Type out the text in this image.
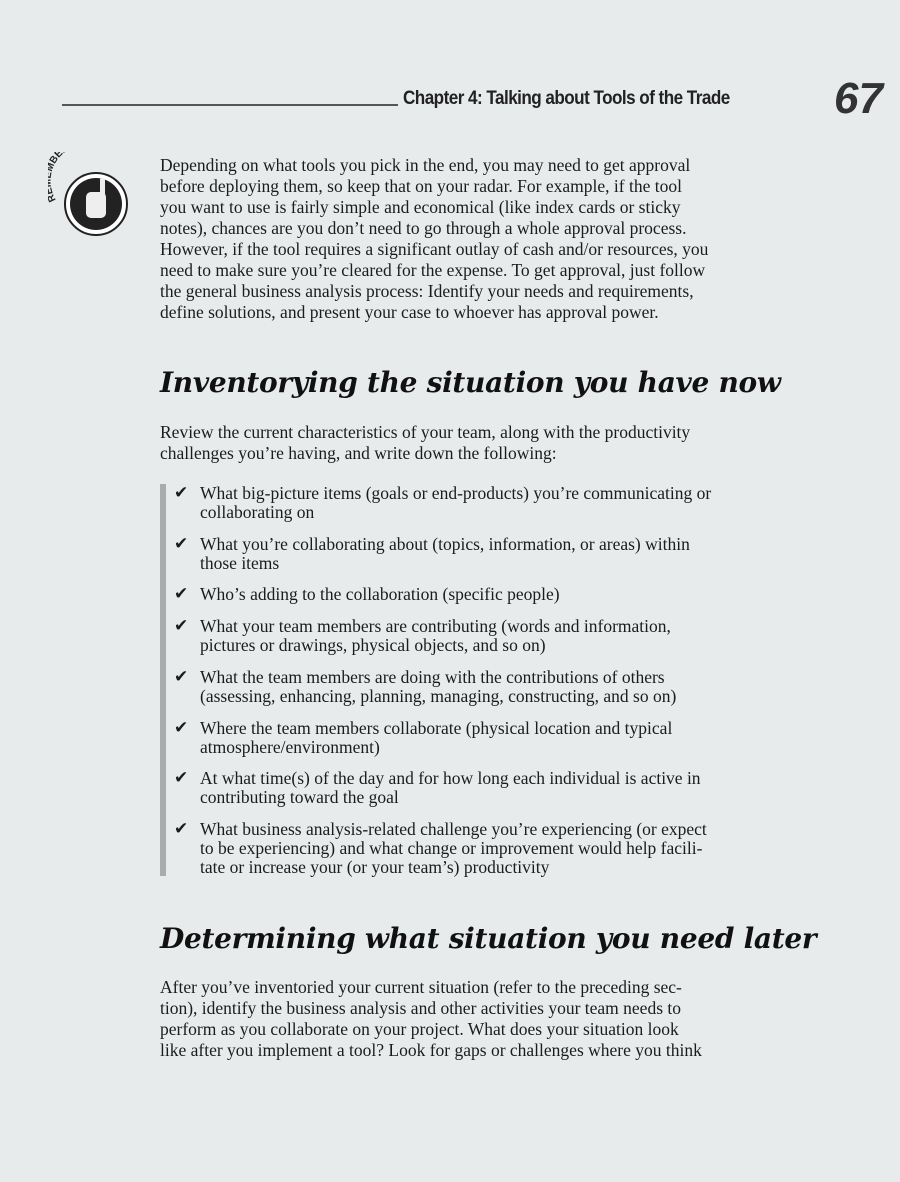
Chapter 4: Talking about Tools of the Trade 67
BE
Depending on what tools you pick in the end, you may need to get approval
before deploying them, so keep that on your radar. For example, if the tool
you want to use is fairly simple and economical (like index cards or sticky
notes), chances are you don’t need to go through a whole approval process.
However, if the tool requires a significant outlay of cash and/or resources, you
need to make sure you’re cleared for the expense. To get approval, just follow
the general business analysis process: Identify your needs and requirements,
define solutions, and present your case to whoever has approval power.
Inventorying the situation you have now
Review the current characteristics of your team, along with the productivity
challenges you’re having, and write down the following:
✔ What big-picture items (goals or end-products) you’re communicating or
collaborating on
✔ What you’re collaborating about (topics, information, or areas) within
those items
✔ Who’s adding to the collaboration (specific people)
✔ What your team members are contributing (words and information,
pictures or drawings, physical objects, and so on)
✔ What the team members are doing with the contributions of others
(assessing, enhancing, planning, managing, constructing, and so on)
✔ Where the team members collaborate (physical location and typical
atmosphere/environment)
✔ At what time(s) of the day and for how long each individual is active in
contributing toward the goal
✔ What business analysis-related challenge you’re experiencing (or expect
to be experiencing) and what change or improvement would help facili-
tate or increase your (or your team’s) productivity
Determining what situation you need later
After you’ve inventoried your current situation (refer to the preceding sec-
tion), identify the business analysis and other activities your team needs to
perform as you collaborate on your project. What does your situation look
like after you implement a tool? Look for gaps or challenges where you think
